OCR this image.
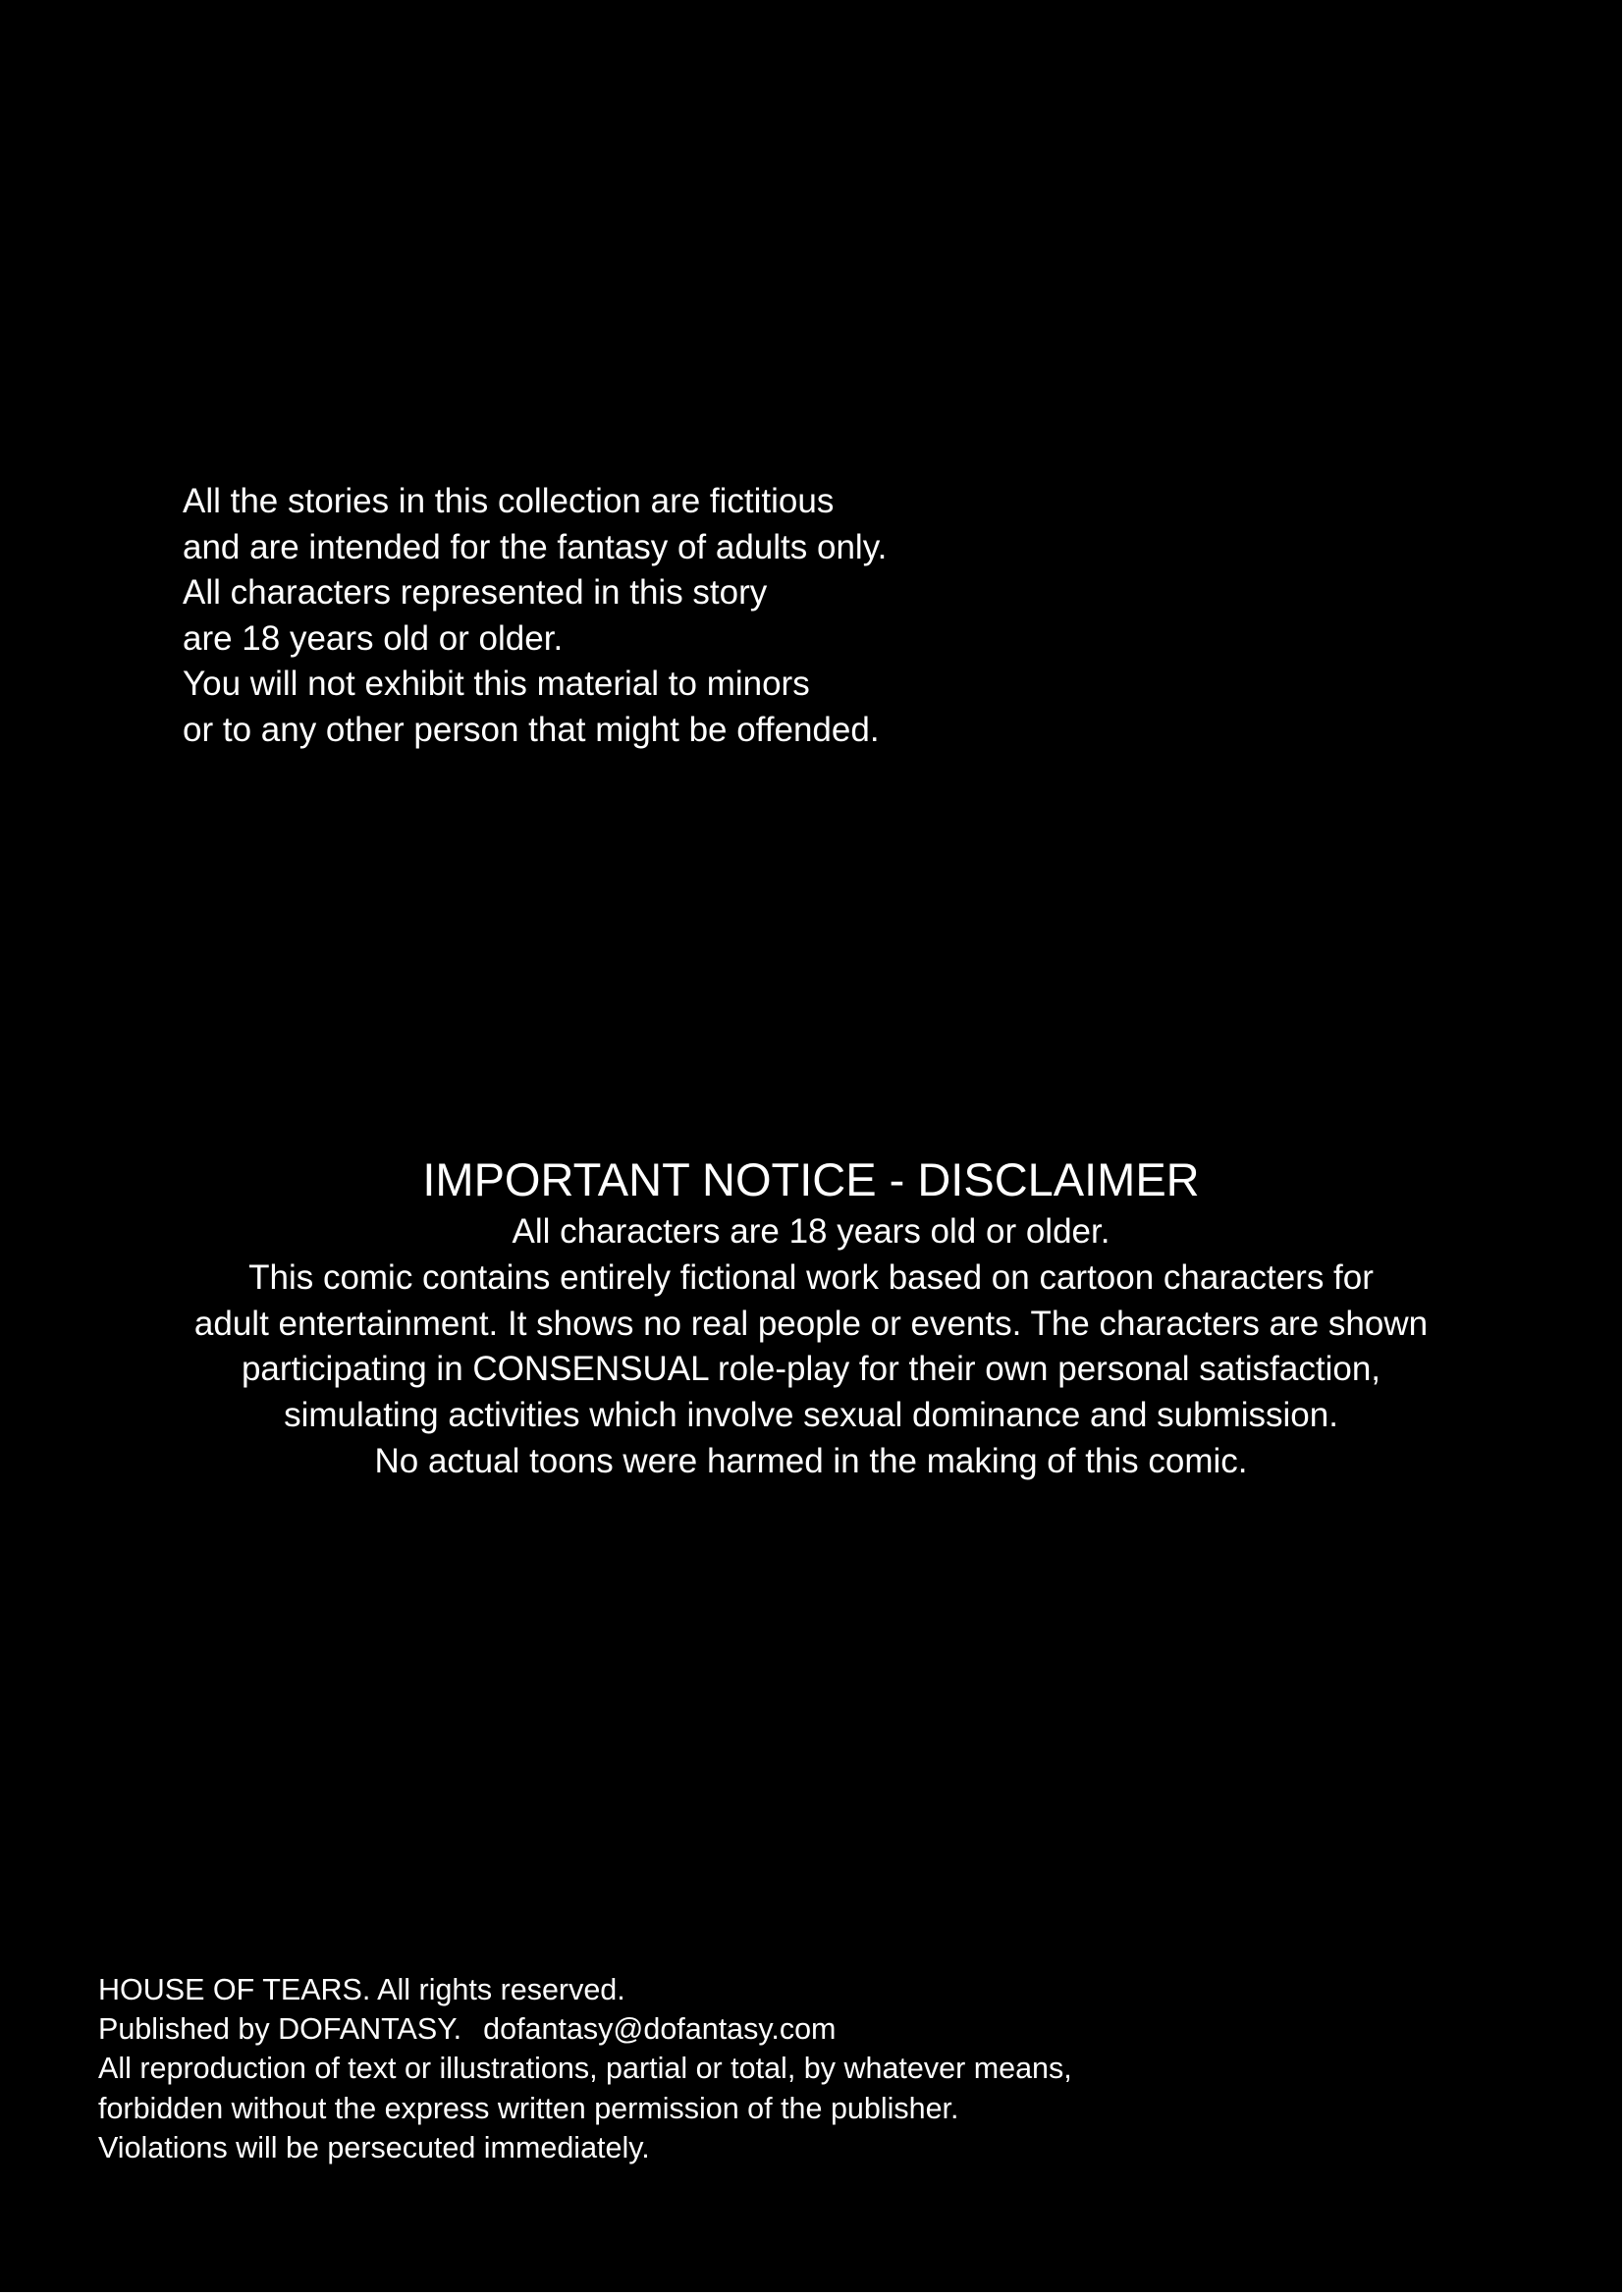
All the stories in this collection are fictitious
and are intended for the fantasy of adults only.
All characters represented in this story
are 18 years old or older.
You will not exhibit this material to minors
or to any other person that might be offended.
IMPORTANT NOTICE - DISCLAIMER
All characters are 18 years old or older.
This comic contains entirely fictional work based on cartoon characters for
adult entertainment. It shows no real people or events. The characters are shown
participating in CONSENSUAL role-play for their own personal satisfaction,
simulating activities which involve sexual dominance and submission.
No actual toons were harmed in the making of this comic.
HOUSE OF TEARS. All rights reserved.
Published by DOFANTASY. dofantasy@dofantasy.com
All reproduction of text or illustrations, partial or total, by whatever means,
forbidden without the express written permission of the publisher.
Violations will be persecuted immediately.
